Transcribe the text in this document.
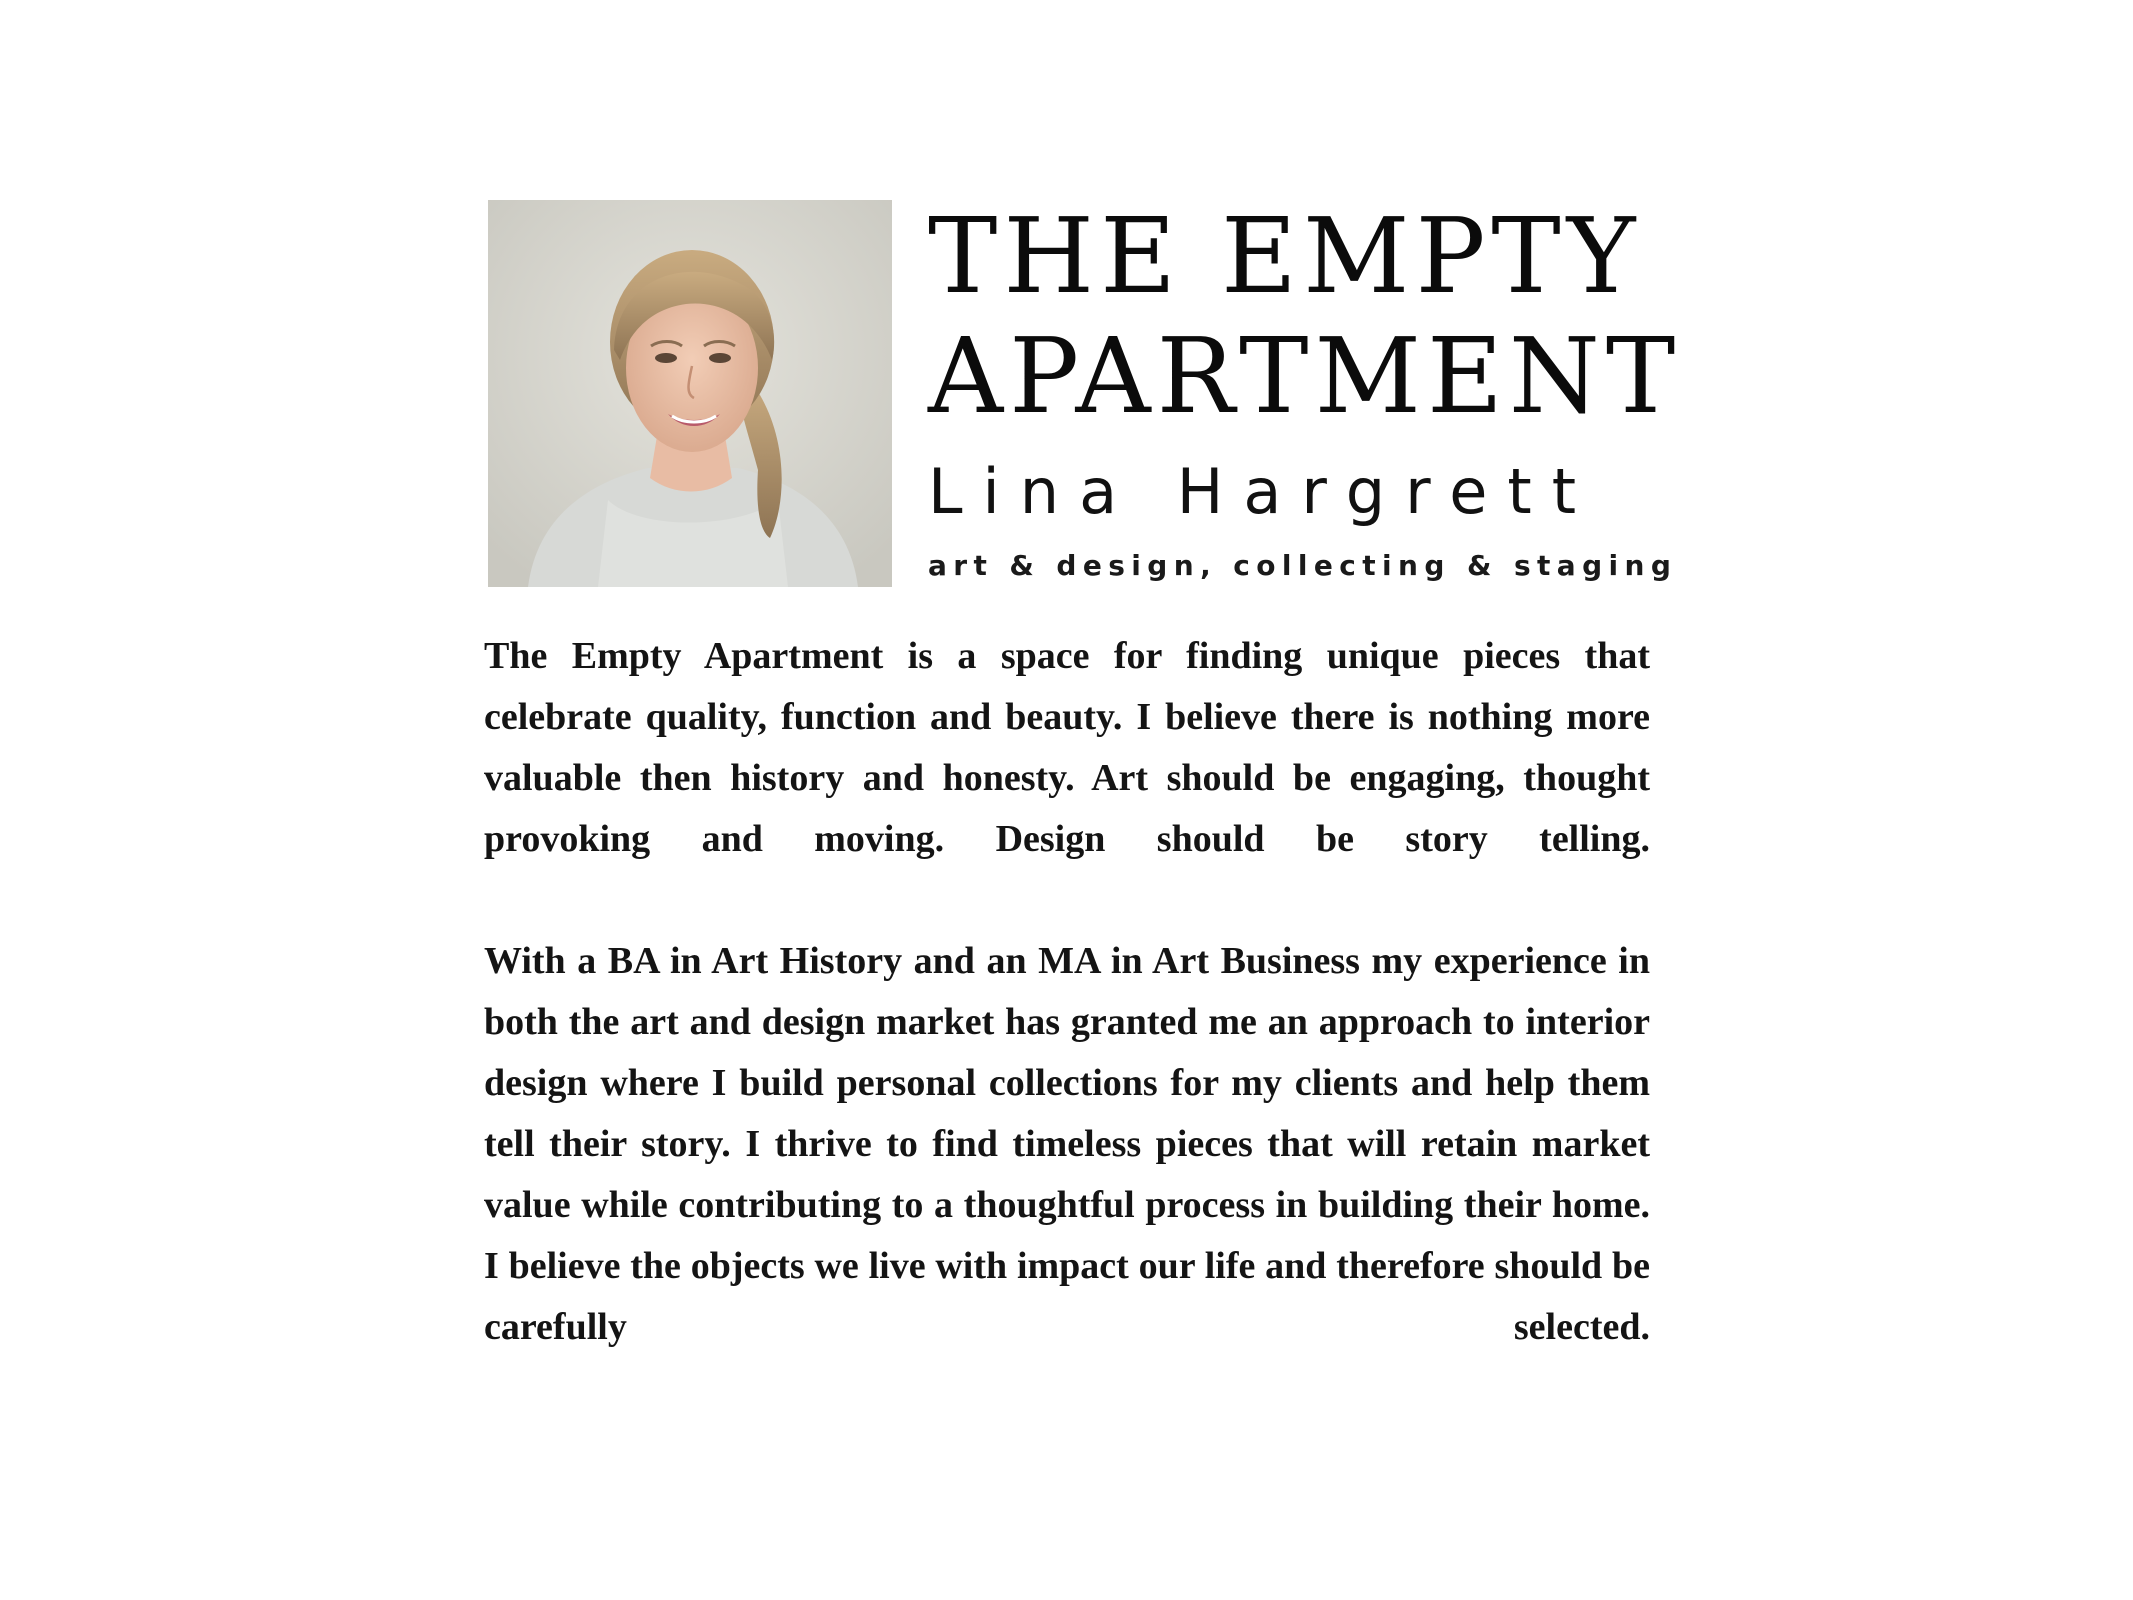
THE EMPTY
APARTMENT
Lina Hargrett
art & design, collecting & staging

The Empty Apartment is a space for finding unique pieces that celebrate quality, function and beauty. I believe there is nothing more valuable then history and honesty. Art should be engaging, thought provoking and moving. Design should be story telling.

With a BA in Art History and an MA in Art Business my experience in both the art and design market has granted me an approach to interior design where I build personal collections for my clients and help them tell their story. I thrive to find timeless pieces that will retain market value while contributing to a thoughtful process in building their home. I believe the objects we live with impact our life and therefore should be carefully selected.
